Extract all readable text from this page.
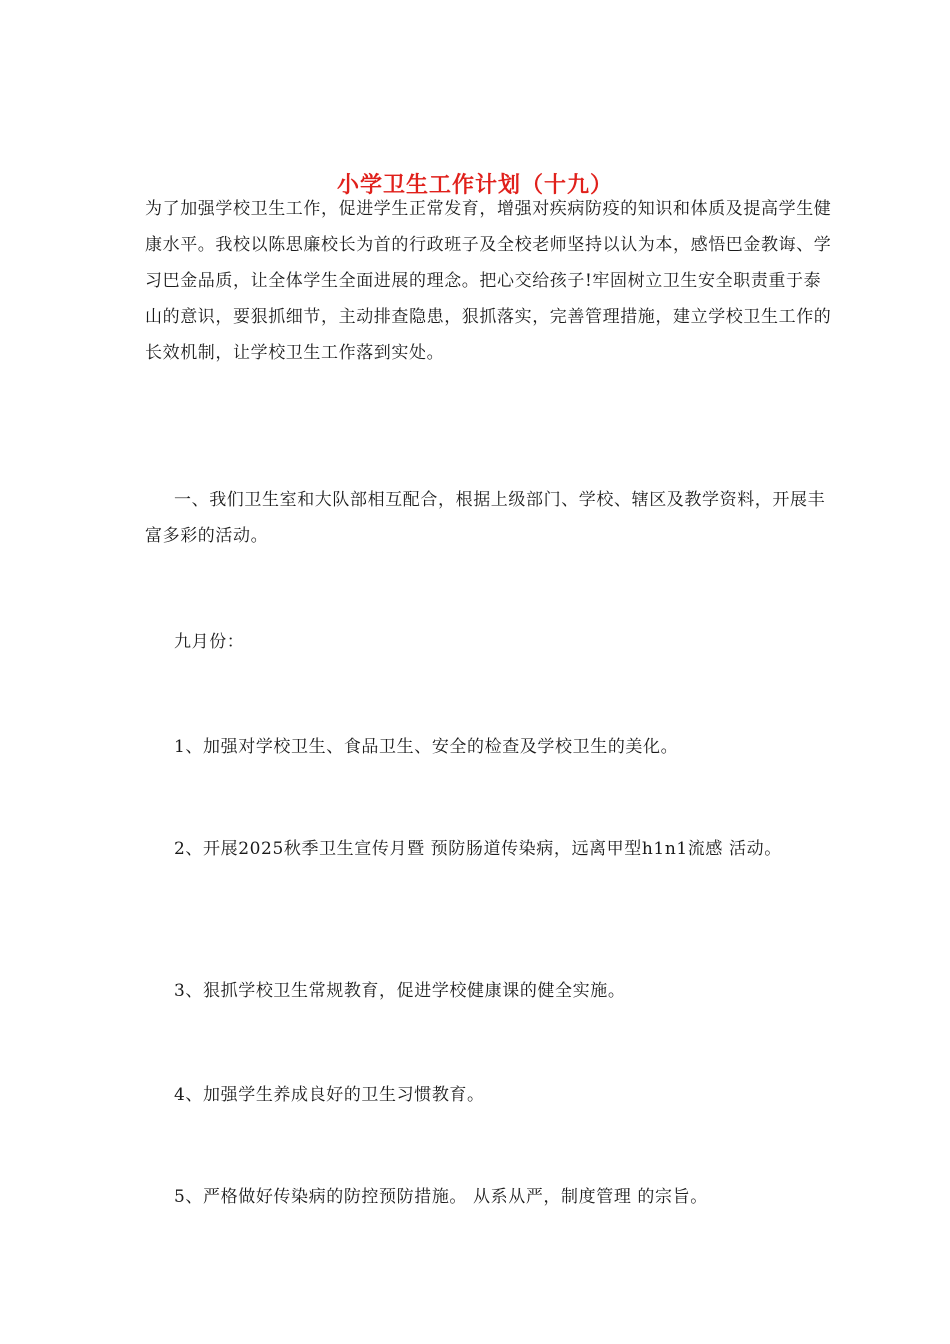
小学卫生工作计划（十九）

为了加强学校卫生工作，促进学生正常发育，增强对疾病防疫的知识和体质及提高学生健康水平。我校以陈思廉校长为首的行政班子及全校老师坚持以认为本，感悟巴金教诲、学习巴金品质，让全体学生全面进展的理念。把心交给孩子!牢固树立卫生安全职责重于泰山的意识，要狠抓细节，主动排查隐患，狠抓落实，完善管理措施，建立学校卫生工作的长效机制，让学校卫生工作落到实处。

一、我们卫生室和大队部相互配合，根据上级部门、学校、辖区及教学资料，开展丰富多彩的活动。

九月份：

1、加强对学校卫生、食品卫生、安全的检查及学校卫生的美化。

2、开展2025秋季卫生宣传月暨 预防肠道传染病，远离甲型h1n1流感 活动。

3、狠抓学校卫生常规教育，促进学校健康课的健全实施。

4、加强学生养成良好的卫生习惯教育。

5、严格做好传染病的防控预防措施。 从系从严，制度管理 的宗旨。
